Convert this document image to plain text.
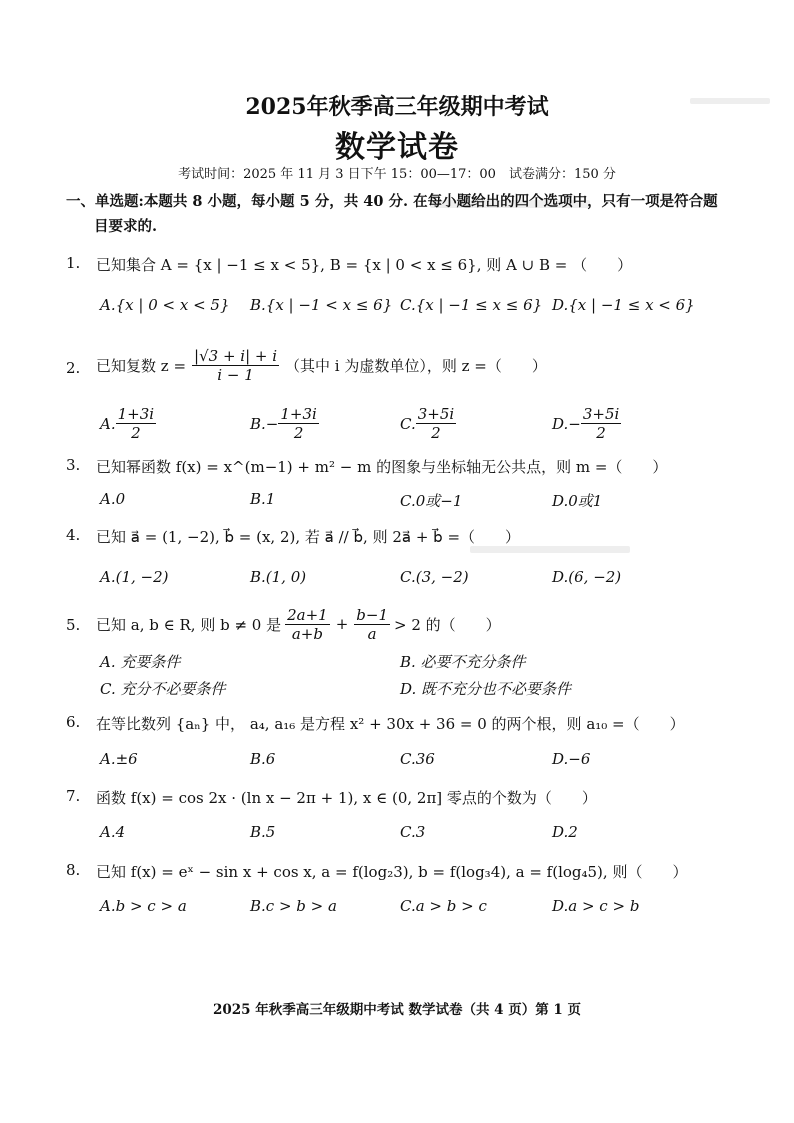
2025年秋季高三年级期中考试
数学试卷
考试时间：2025 年 11 月 3 日下午 15：00—17：00　试卷满分：150 分
一、单选题:本题共 8 小题，每小题 5 分，共 40 分. 在每小题给出的四个选项中，只有一项是符合题
目要求的.
1. 已知集合 A = {x | −1 ≤ x < 5}, B = {x | 0 < x ≤ 6}, 则 A ∪ B = （　　）
A.{x | 0 < x < 5} B.{x | −1 < x ≤ 6} C.{x | −1 ≤ x ≤ 6} D.{x | −1 ≤ x < 6}
2. 已知复数 $z = \frac{|√3 + i| + i}{i - 1}$ （其中 i 为虚数单位），则 z =（　　）
A. $\frac{1+3i}{2}$	B. − $\frac{1+3i}{2}$	C. $\frac{3+5i}{2}$	D. − $\frac{3+5i}{2}$
3. 已知幂函数 f(x) = x^(m−1) + m² − m 的图象与坐标轴无公共点，则 m =（　　）
A.0	B.1	C.0或−1	D.0或1
4. 已知 a⃗ = (1, −2), b⃗ = (x, 2), 若 a⃗ // b⃗, 则 2a⃗ + b⃗ =（　　）
A.(1, −2)	B.(1, 0)	C.(3, −2)	D.(6, −2)
5. 已知 a, b ∈ R, 则 b ≠ 0 是 $\frac{2a+1}{a+b} + \frac{b-1}{a} > 2$ 的（　　）
A. 充要条件	B. 必要不充分条件
C. 充分不必要条件	D. 既不充分也不必要条件
6. 在等比数列 {aₙ} 中， a₄, a₁₆ 是方程 x² + 30x + 36 = 0 的两个根，则 a₁₀ =（　　）
A.±6	B.6	C.36	D.−6
7. 函数 f(x) = cos 2x · (ln x − 2π + 1), x ∈ (0, 2π] 零点的个数为（　　）
A.4	B.5	C.3	D.2
8. 已知 f(x) = eˣ − sin x + cos x, a = f(log₂3), b = f(log₃4), a = f(log₄5), 则（　　）
A.b > c > a	B.c > b > a	C.a > b > c	D.a > c > b
2025 年秋季高三年级期中考试 数学试卷（共 4 页）第 1 页
